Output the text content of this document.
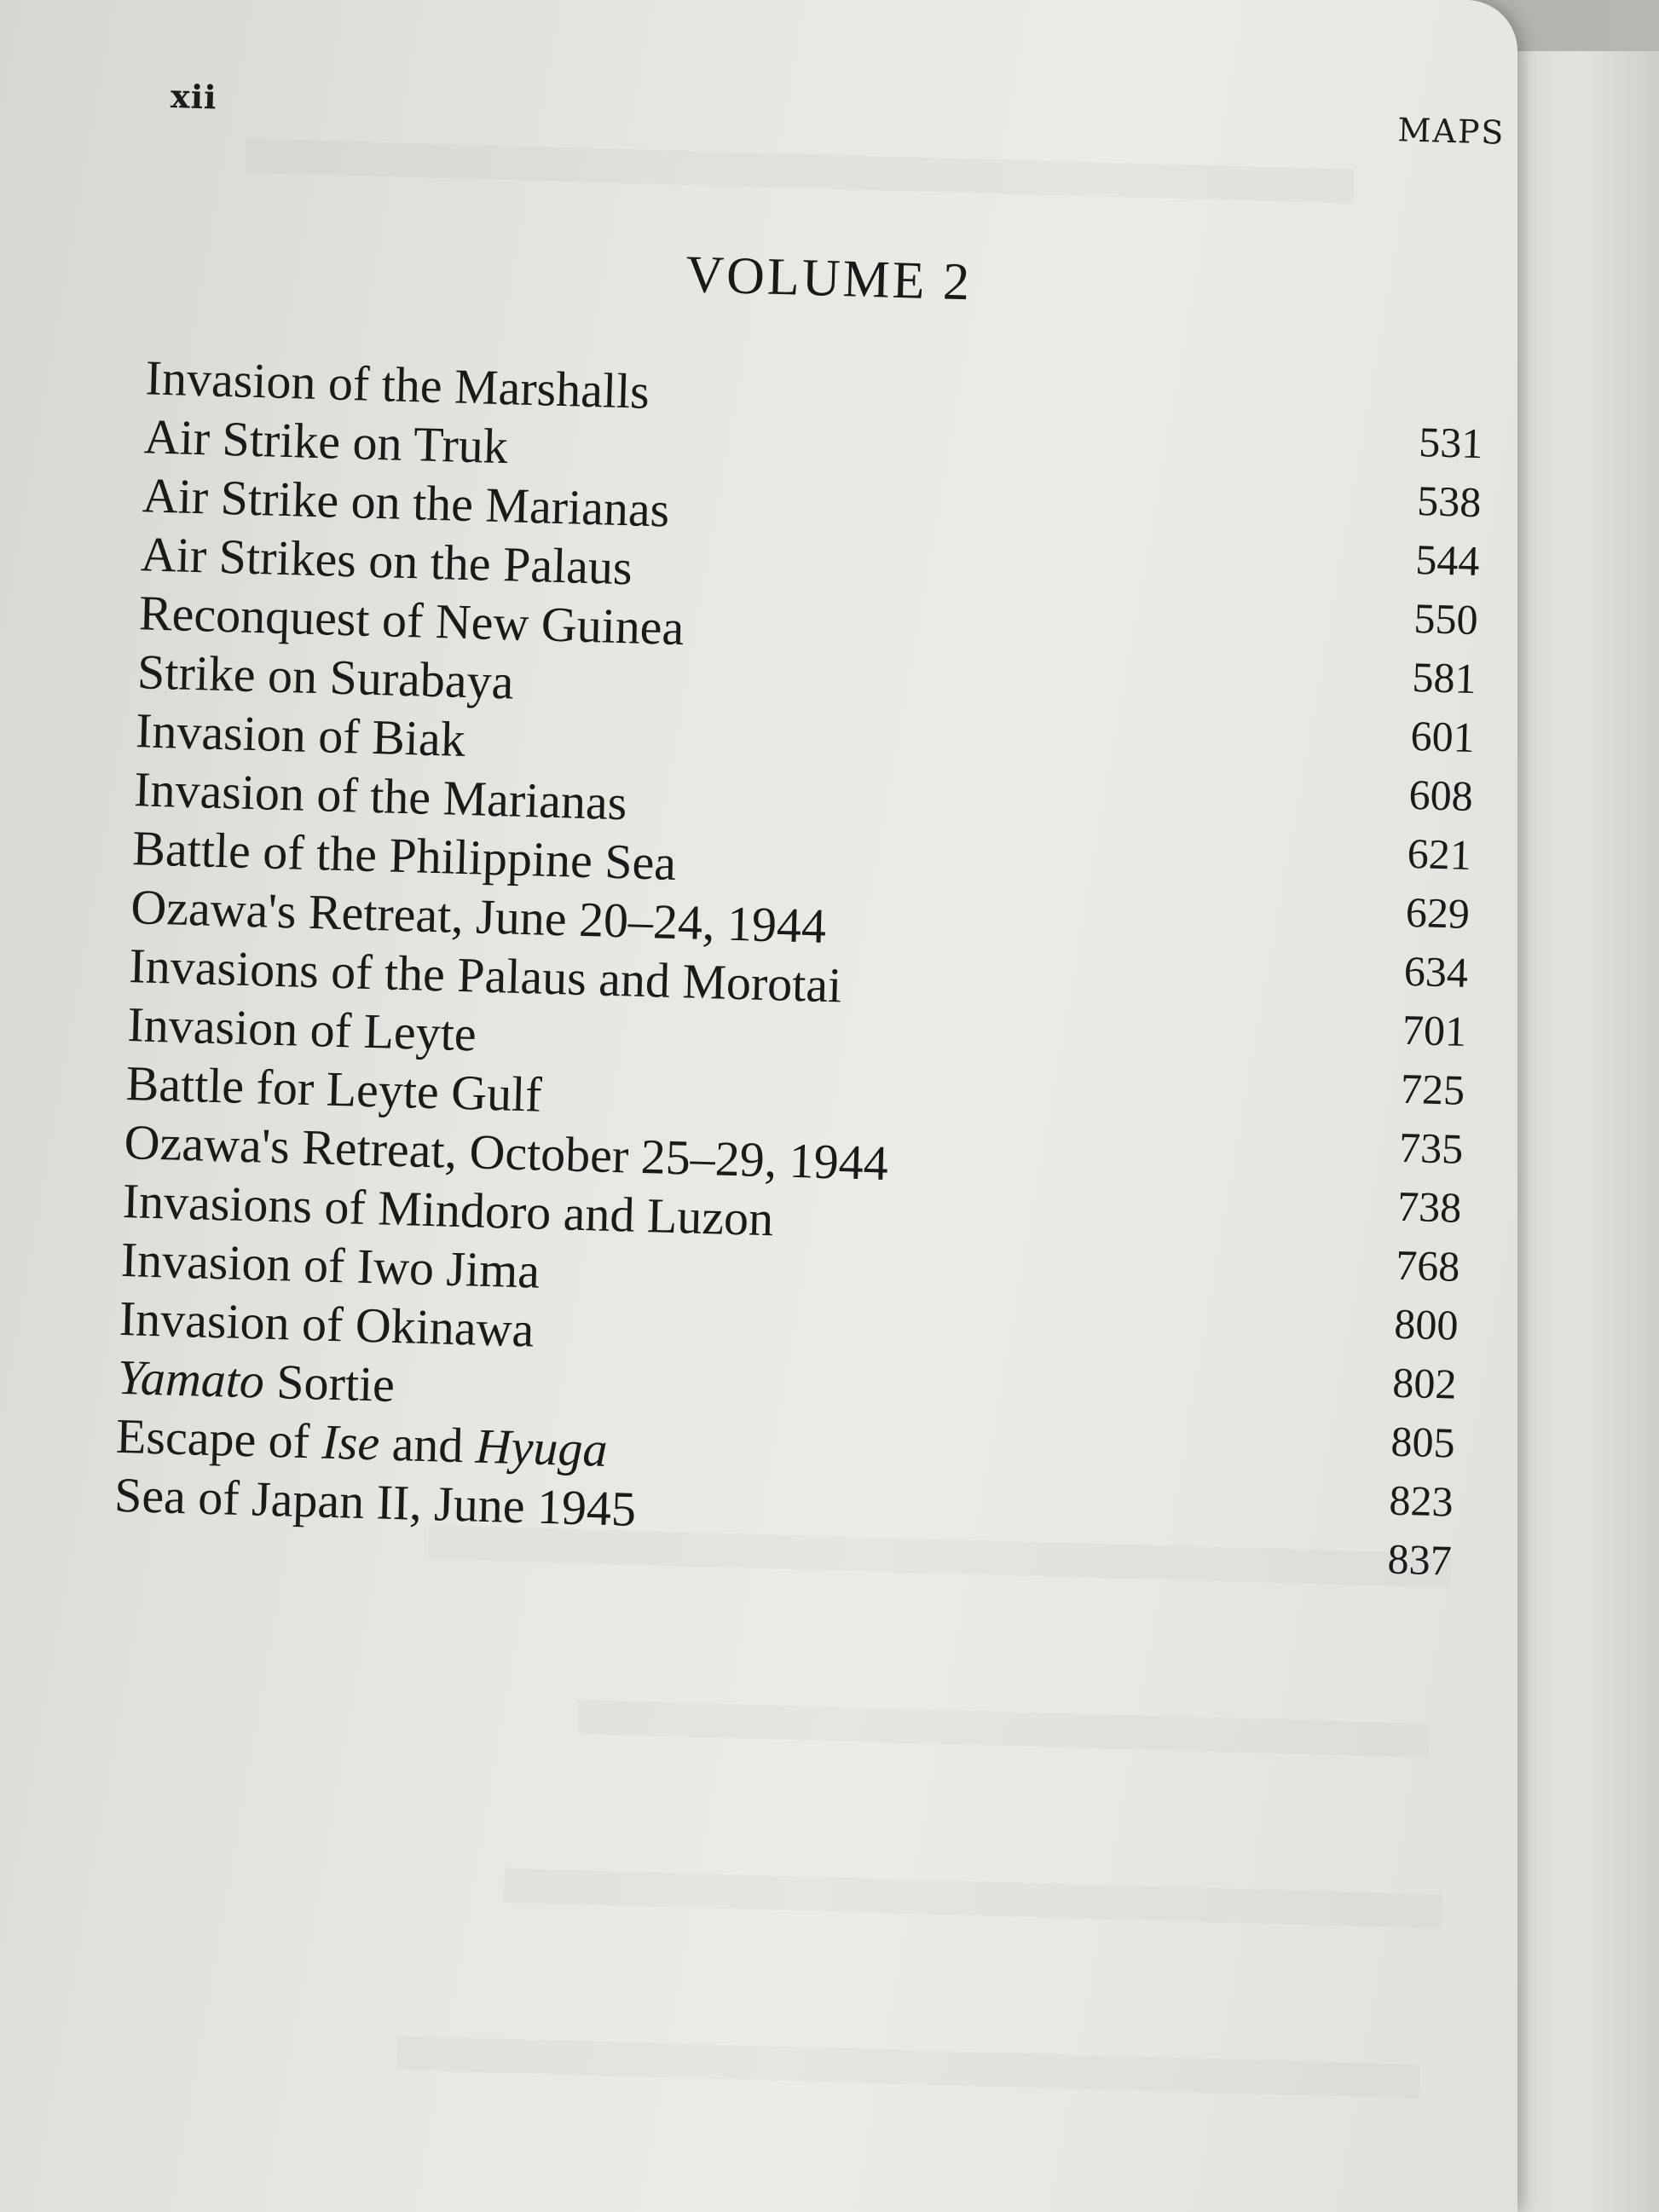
xii
MAPS
VOLUME 2
Invasion of the Marshalls
531
Air Strike on Truk
538
Air Strike on the Marianas
544
Air Strikes on the Palaus
550
Reconquest of New Guinea
581
Strike on Surabaya
601
Invasion of Biak
608
Invasion of the Marianas
621
Battle of the Philippine Sea
629
Ozawa's Retreat, June 20–24, 1944
634
Invasions of the Palaus and Morotai
701
Invasion of Leyte
725
Battle for Leyte Gulf
735
Ozawa's Retreat, October 25–29, 1944
738
Invasions of Mindoro and Luzon
768
Invasion of Iwo Jima
800
Invasion of Okinawa
802
Yamato Sortie
805
Escape of Ise and Hyuga
823
Sea of Japan II, June 1945
837
